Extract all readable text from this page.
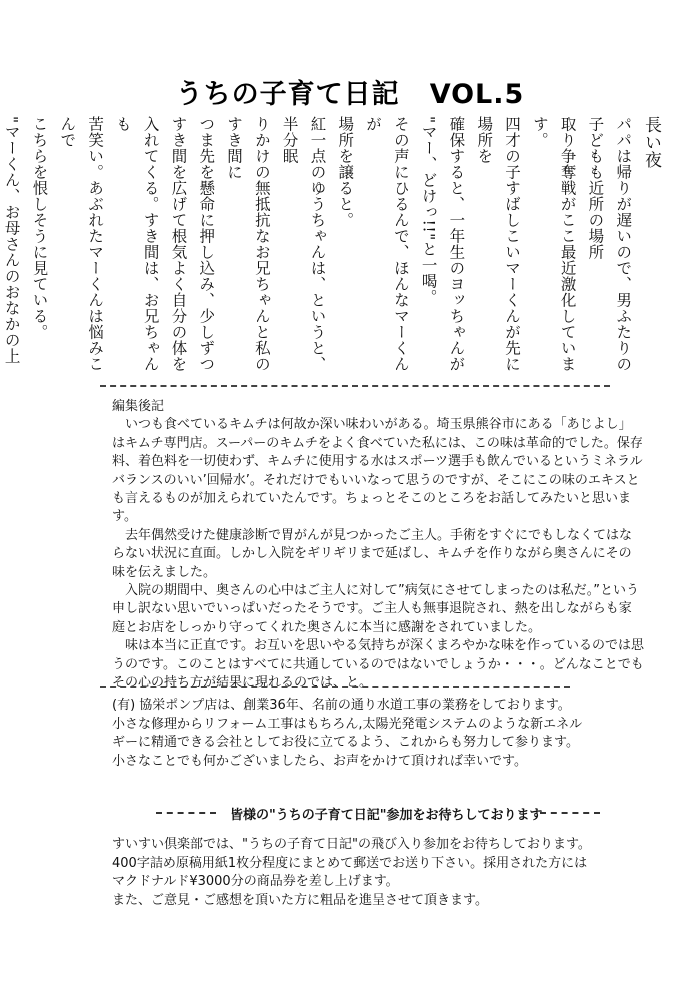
うちの子育て日記 VOL.5
長い夜
パパは帰りが遅いので、男ふたりの子どもも近所の場所
取り争奪戦がここ最近激化しています。
四才の子すばしこいマーくんが先に場所を
確保すると、一年生のヨッちゃんが
"マー、どけっ!!"と一喝。
その声にひるんで、ほんなマーくんが
場所を譲ると。
紅一点のゆうちゃんは、というと、半分眠
りかけの無抵抗なお兄ちゃんと私のすき間に
つま先を懸命に押し込み、少しずつ
すき間を広げて根気よく自分の体を
入れてくる。すき間は、お兄ちゃんも
苦笑い。あぶれたマーくんは悩みこんで
こちらを恨しそうに見ている。
"マーくん、お母さんのおなかの上

編集後記

いつも食べているキムチは何故か深い味わいがある。埼玉県熊谷市にある「あじよし」はキムチ専門店。スーパーのキムチをよく食べていた私には、この味は革命的でした。保存料、着色料を一切使わず、キムチに使用する水はスポーツ選手も飲んでいるというミネラルバランスのいい’回帰水’。それだけでもいいなって思うのですが、そこにこの味のエキスとも言えるものが加えられていたんです。ちょっとそこのところをお話してみたいと思います。

去年偶然受けた健康診断で胃がんが見つかったご主人。手術をすぐにでもしなくてはならない状況に直面。しかし入院をギリギリまで延ばし、キムチを作りながら奥さんにその味を伝えました。

入院の期間中、奥さんの心中はご主人に対して”病気にさせてしまったのは私だ。”という申し訳ない思いでいっぱいだったそうです。ご主人も無事退院され、熱を出しながらも家庭とお店をしっかり守ってくれた奥さんに本当に感謝をされていました。

味は本当に正直です。お互いを思いやる気持ちが深くまろやかな味を作っているのでは思うのです。このことはすべてに共通しているのではないでしょうか・・・。どんなことでもその心の持ち方が結果に現れるのでは、と。

(有) 協栄ポンプ店は、創業36年、名前の通り水道工事の業務をしております。

小さな修理からリフォーム工事はもちろん,太陽光発電システムのような新エネル

ギーに精通できる会社としてお役に立てるよう、これからも努力して参ります。

小さなことでも何かございましたら、お声をかけて頂ければ幸いです。

皆様の"うちの子育て日記"参加をお待ちしております

すいすい倶楽部では、"うちの子育て日記"の飛び入り参加をお待ちしております。

400字詰め原稿用紙1枚分程度にまとめて郵送でお送り下さい。採用された方には

マクドナルド¥3000分の商品券を差し上げます。

また、ご意見・ご感想を頂いた方に粗品を進呈させて頂きます。
